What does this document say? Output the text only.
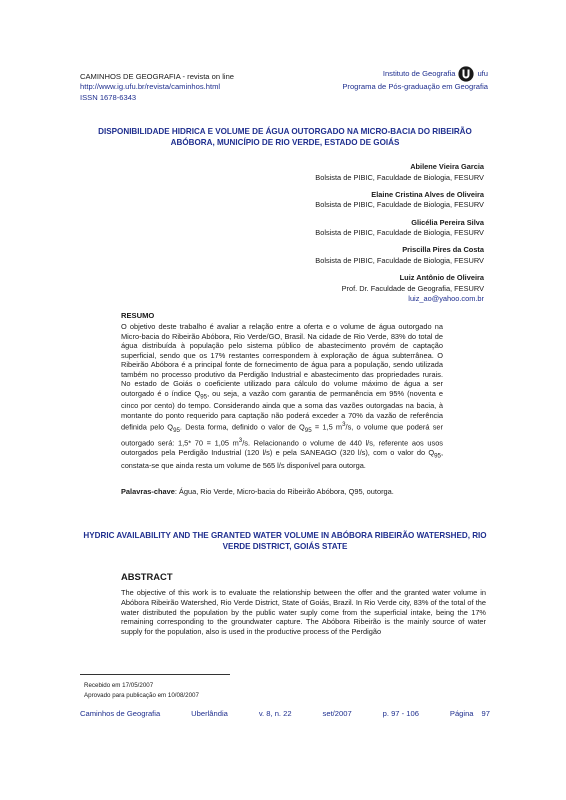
CAMINHOS DE GEOGRAFIA - revista on line
http://www.ig.ufu.br/revista/caminhos.html
ISSN 1678-6343
Instituto de Geografia	ufu
Programa de Pós-graduação em Geografia
DISPONIBILIDADE HIDRICA E VOLUME DE ÁGUA OUTORGADO NA MICRO-BACIA DO RIBEIRÃO ABÓBORA, MUNICÍPIO DE RIO VERDE, ESTADO DE GOIÁS
Abilene Vieira Garcia
Bolsista de PIBIC, Faculdade de Biologia, FESURV
Elaine Cristina Alves de Oliveira
Bolsista de PIBIC, Faculdade de Biologia, FESURV
Glicélia Pereira Silva
Bolsista de PIBIC, Faculdade de Biologia, FESURV
Priscilla Pires da Costa
Bolsista de PIBIC, Faculdade de Biologia, FESURV
Luiz Antônio de Oliveira
Prof. Dr. Faculdade de Geografia, FESURV
luiz_ao@yahoo.com.br
RESUMO
O objetivo deste trabalho é avaliar a relação entre a oferta e o volume de água outorgado na Micro-bacia do Ribeirão Abóbora, Rio Verde/GO, Brasil. Na cidade de Rio Verde, 83% do total de água distribuída à população pelo sistema público de abastecimento provém de captação superficial, sendo que os 17% restantes correspondem à exploração de água subterrânea. O Ribeirão Abóbora é a principal fonte de fornecimento de água para a população, sendo utilizada também no processo produtivo da Perdigão Industrial e abastecimento das propriedades rurais. No estado de Goiás o coeficiente utilizado para cálculo do volume máximo de água a ser outorgado é o índice $Q_{95}$, ou seja, a vazão com garantia de permanência em 95% (noventa e cinco por cento) do tempo. Considerando ainda que a soma das vazões outorgadas na bacia, à montante do ponto requerido para captação não poderá exceder a 70% da vazão de referência definida pelo $Q_{95}$. Desta forma, definido o valor de $Q_{95} = 1,5$ $m^3/s$, o volume que poderá ser outorgado será: 1,5* 70 = 1,05 $m^3/s$. Relacionando o volume de 440 l/s, referente aos usos outorgados pela Perdigão Industrial (120 l/s) e pela SANEAGO (320 l/s), com o valor do $Q_{95}$, constata-se que ainda resta um volume de 565 l/s disponível para outorga.
Palavras-chave: Água, Rio Verde, Micro-bacia do Ribeirão Abóbora, Q95, outorga.
HYDRIC AVAILABILITY AND THE GRANTED WATER VOLUME IN ABÓBORA RIBEIRÃO WATERSHED, RIO VERDE DISTRICT, GOIÁS STATE
ABSTRACT
The objective of this work is to evaluate the relationship between the offer and the granted water volume in Abóbora Ribeirão Watershed, Rio Verde District, State of Goiás, Brazil. In Rio Verde city, 83% of the total of the water distributed the population by the public water suply come from the superficial intake, being the 17% remaining corresponding to the groundwater capture. The Abóbora Ribeirão is the mainly source of water supply for the population, also is used in the productive process of the Perdigão
Recebido em 17/05/2007
Aprovado para publicação em 10/08/2007
Caminhos de Geografia	Uberlândia	v. 8, n. 22	set/2007	p. 97 - 106	Página 97
